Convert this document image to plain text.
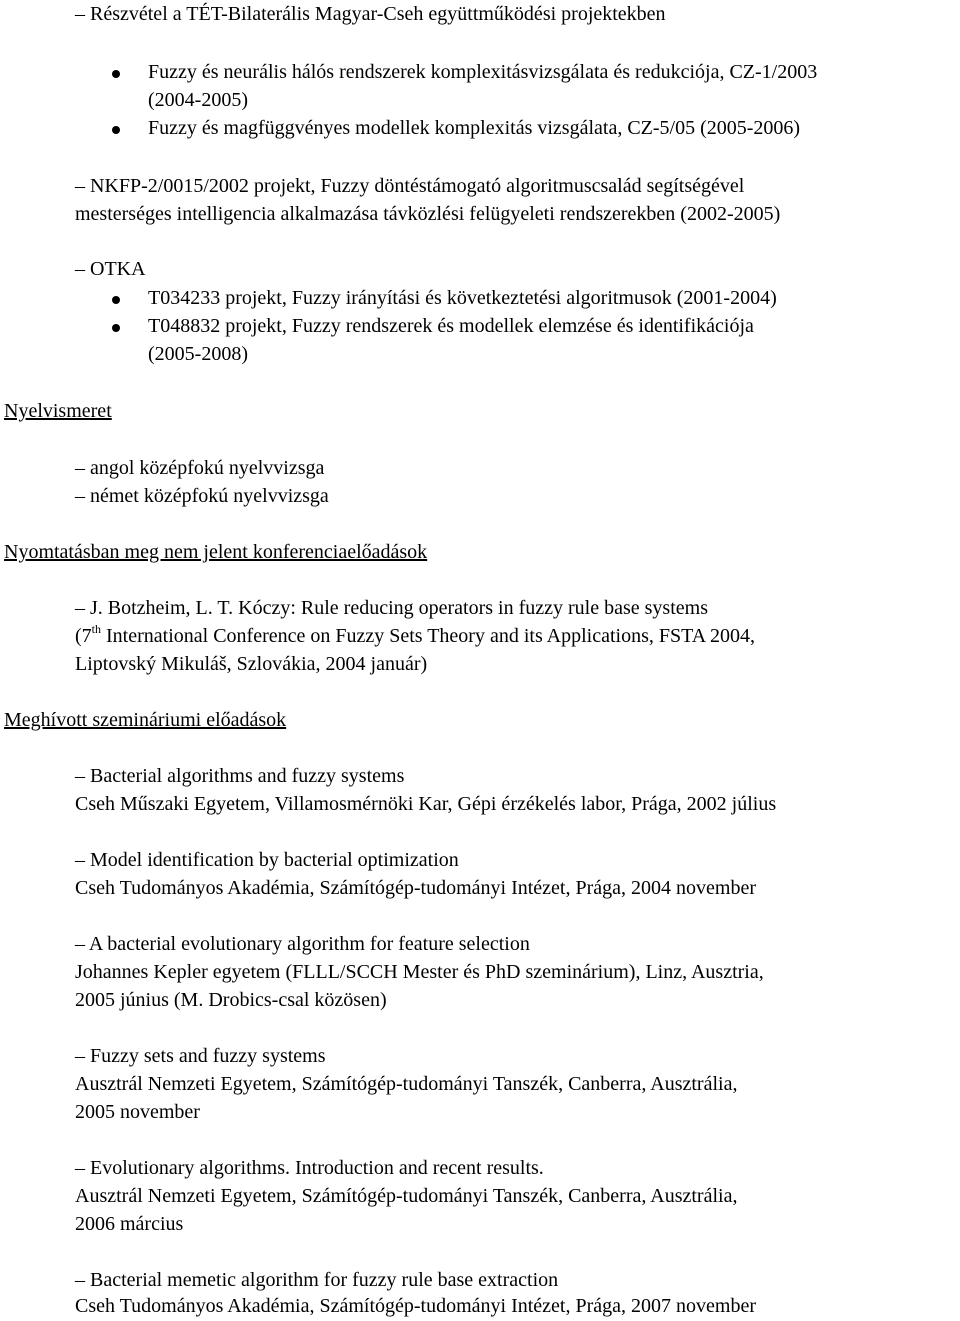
– Részvétel a TÉT-Bilaterális Magyar-Cseh együttműködési projektekben
Fuzzy és neurális hálós rendszerek komplexitásvizsgálata és redukciója, CZ-1/2003
(2004-2005)
Fuzzy és magfüggvényes modellek komplexitás vizsgálata, CZ-5/05 (2005-2006)
– NKFP-2/0015/2002 projekt, Fuzzy döntéstámogató algoritmuscsalád segítségével
mesterséges intelligencia alkalmazása távközlési felügyeleti rendszerekben (2002-2005)
– OTKA
T034233 projekt, Fuzzy irányítási és következtetési algoritmusok (2001-2004)
T048832 projekt, Fuzzy rendszerek és modellek elemzése és identifikációja
(2005-2008)
Nyelvismeret
– angol középfokú nyelvvizsga
– német középfokú nyelvvizsga
Nyomtatásban meg nem jelent konferenciaelőadások
– J. Botzheim, L. T. Kóczy: Rule reducing operators in fuzzy rule base systems
(7th International Conference on Fuzzy Sets Theory and its Applications, FSTA 2004,
Liptovský Mikuláš, Szlovákia, 2004 január)
Meghívott szemináriumi előadások
– Bacterial algorithms and fuzzy systems
Cseh Műszaki Egyetem, Villamosmérnöki Kar, Gépi érzékelés labor, Prága, 2002 július
– Model identification by bacterial optimization
Cseh Tudományos Akadémia, Számítógép-tudományi Intézet, Prága, 2004 november
– A bacterial evolutionary algorithm for feature selection
Johannes Kepler egyetem (FLLL/SCCH Mester és PhD szeminárium), Linz, Ausztria,
2005 június (M. Drobics-csal közösen)
– Fuzzy sets and fuzzy systems
Ausztrál Nemzeti Egyetem, Számítógép-tudományi Tanszék, Canberra, Ausztrália,
2005 november
– Evolutionary algorithms. Introduction and recent results.
Ausztrál Nemzeti Egyetem, Számítógép-tudományi Tanszék, Canberra, Ausztrália,
2006 március
– Bacterial memetic algorithm for fuzzy rule base extraction
Cseh Tudományos Akadémia, Számítógép-tudományi Intézet, Prága, 2007 november
